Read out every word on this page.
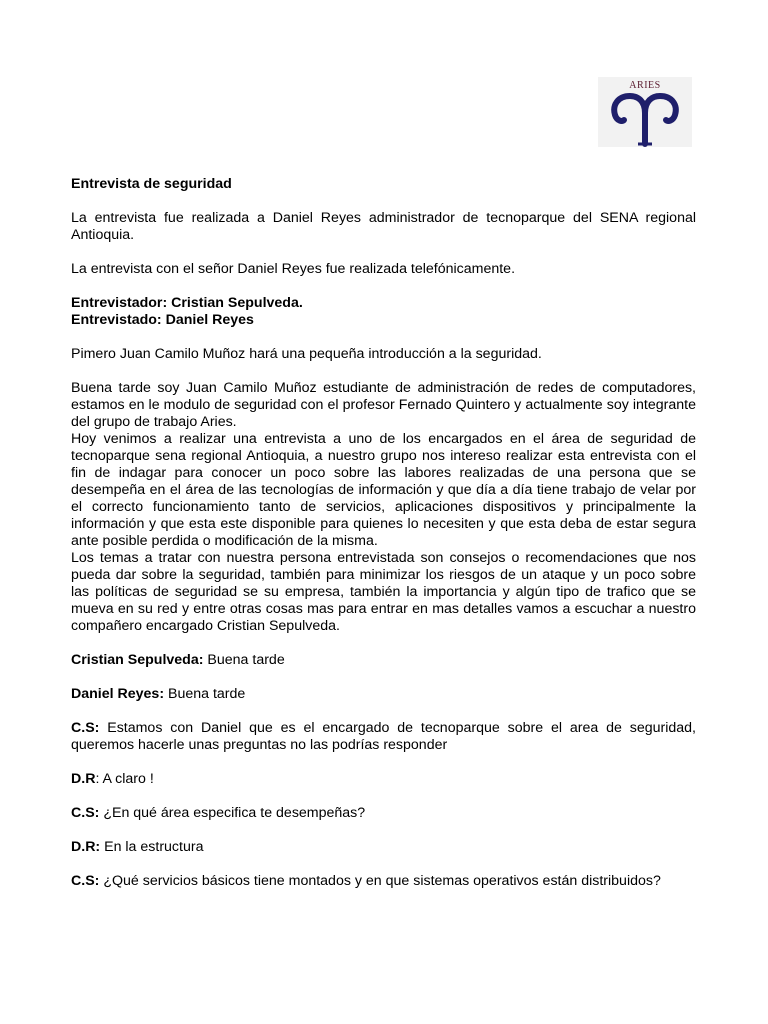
ARIES

Entrevista de seguridad

La entrevista fue realizada a Daniel Reyes administrador de tecnoparque del SENA regional Antioquia.

La entrevista con el señor Daniel Reyes fue realizada telefónicamente.

Entrevistador: Cristian Sepulveda.

Entrevistado: Daniel Reyes

Pimero Juan Camilo Muñoz hará una pequeña introducción a la seguridad.

Buena tarde soy Juan Camilo Muñoz estudiante de administración de redes de computadores, estamos en le modulo de seguridad con el profesor Fernado Quintero y actualmente soy integrante del grupo de trabajo Aries.

Hoy venimos a realizar una entrevista a uno de los encargados en el área de seguridad de tecnoparque sena regional Antioquia, a nuestro grupo nos intereso realizar esta entrevista con el fin de indagar para conocer un poco sobre las labores realizadas de una persona que se desempeña en el área de las tecnologías de información y que día a día tiene trabajo de velar por el correcto funcionamiento tanto de servicios, aplicaciones dispositivos y principalmente la información y que esta este disponible para quienes lo necesiten y que esta deba de estar segura ante posible perdida o modificación de la misma.

Los temas a tratar con nuestra persona entrevistada son consejos o recomendaciones que nos pueda dar sobre la seguridad, también para minimizar los riesgos de un ataque y un poco sobre las políticas de seguridad se su empresa, también la importancia y algún tipo de trafico que se mueva en su red y entre otras cosas mas para entrar en mas detalles vamos a escuchar a nuestro compañero encargado Cristian Sepulveda.

Cristian Sepulveda: Buena tarde

Daniel Reyes: Buena tarde

C.S: Estamos con Daniel que es el encargado de tecnoparque sobre el area de seguridad, queremos hacerle unas preguntas no las podrías responder

D.R: A claro !

C.S: ¿En qué área especifica te desempeñas?

D.R: En la estructura

C.S: ¿Qué servicios básicos tiene montados y en que sistemas operativos están distribuidos?
